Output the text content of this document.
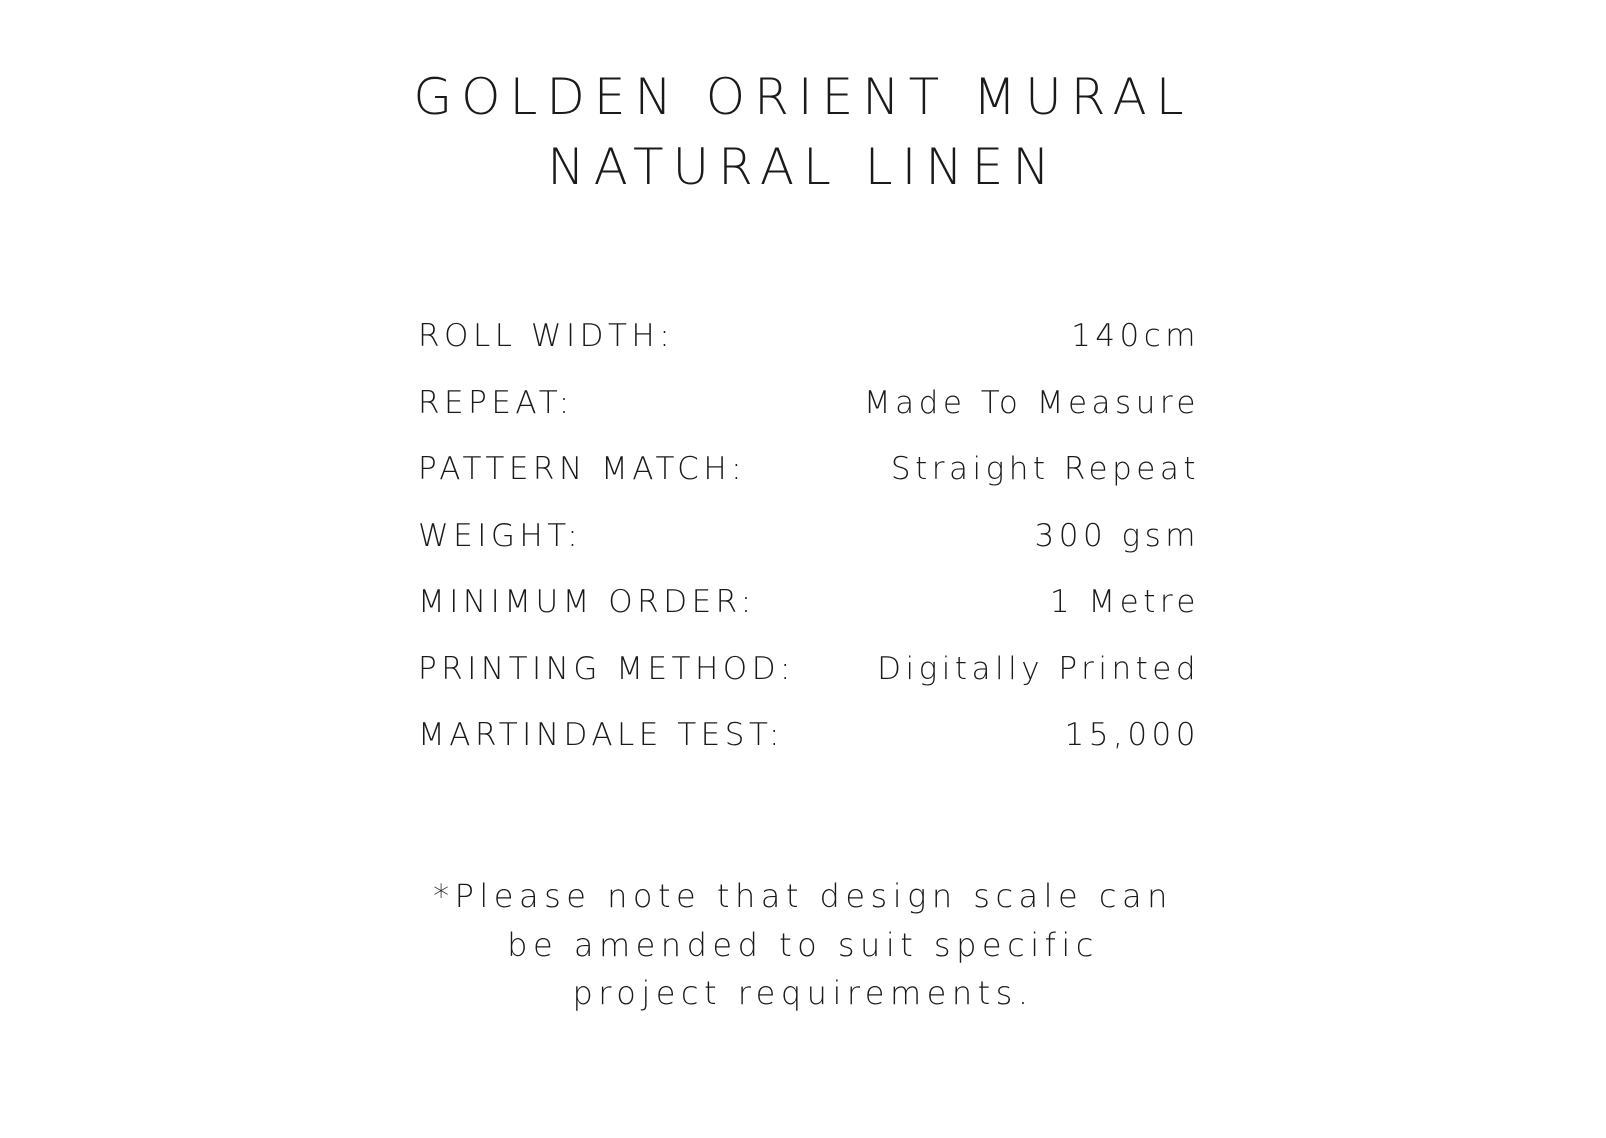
GOLDEN ORIENT MURAL
NATURAL LINEN
ROLL WIDTH:	140cm
REPEAT:	Made To Measure
PATTERN MATCH:	Straight Repeat
WEIGHT:	300 gsm
MINIMUM ORDER:	1 Metre
PRINTING METHOD:	Digitally Printed
MARTINDALE TEST:	15,000
*Please note that design scale can
be amended to suit specific
project requirements.
